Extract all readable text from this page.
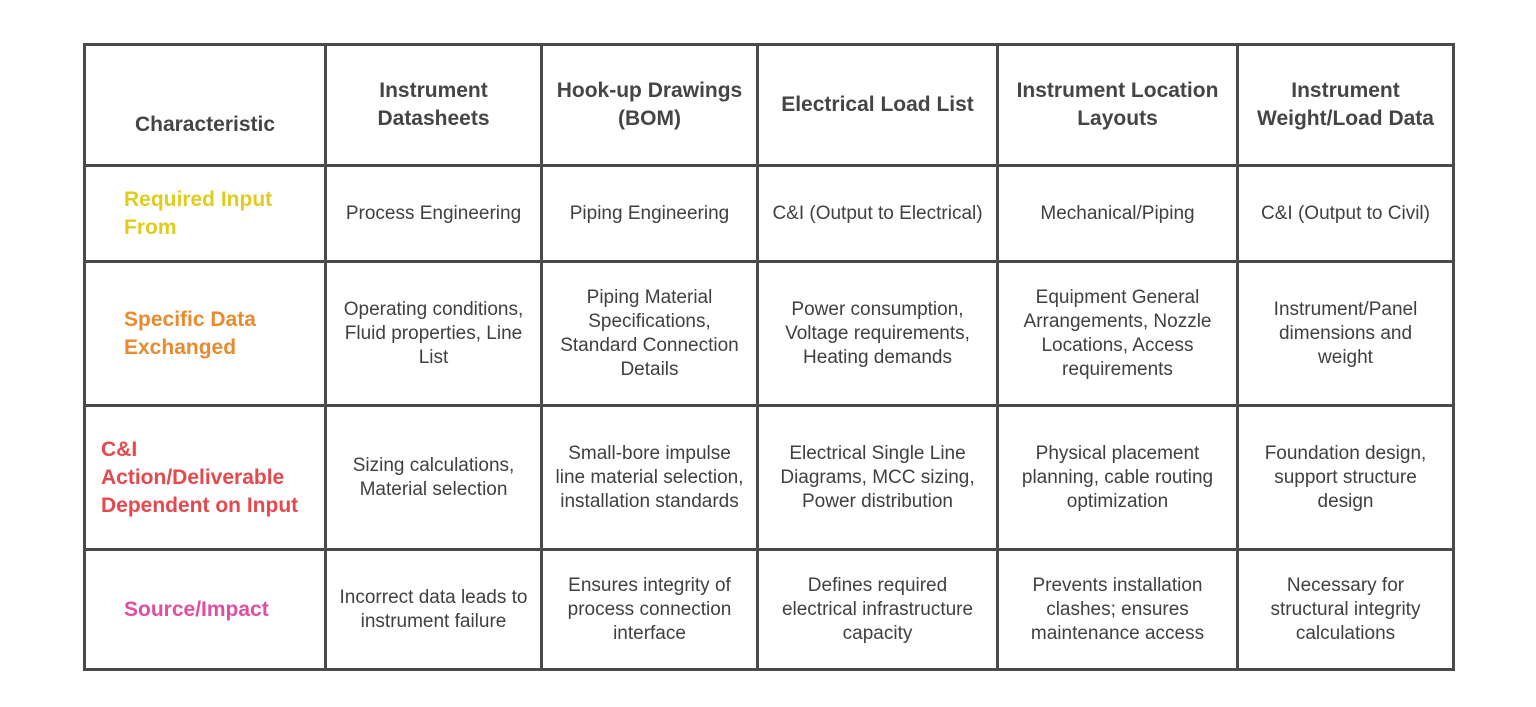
Characteristic	Instrument Datasheets	Hook-up Drawings (BOM)	Electrical Load List	Instrument Location Layouts	Instrument Weight/Load Data
Required Input From	Process Engineering	Piping Engineering	C&I (Output to Electrical)	Mechanical/Piping	C&I (Output to Civil)
Specific Data Exchanged	Operating conditions, Fluid properties, Line List	Piping Material Specifications, Standard Connection Details	Power consumption, Voltage requirements, Heating demands	Equipment General Arrangements, Nozzle Locations, Access requirements	Instrument/Panel dimensions and weight
C&I Action/Deliverable Dependent on Input	Sizing calculations, Material selection	Small-bore impulse line material selection, installation standards	Electrical Single Line Diagrams, MCC sizing, Power distribution	Physical placement planning, cable routing optimization	Foundation design, support structure design
Source/Impact	Incorrect data leads to instrument failure	Ensures integrity of process connection interface	Defines required electrical infrastructure capacity	Prevents installation clashes; ensures maintenance access	Necessary for structural integrity calculations
